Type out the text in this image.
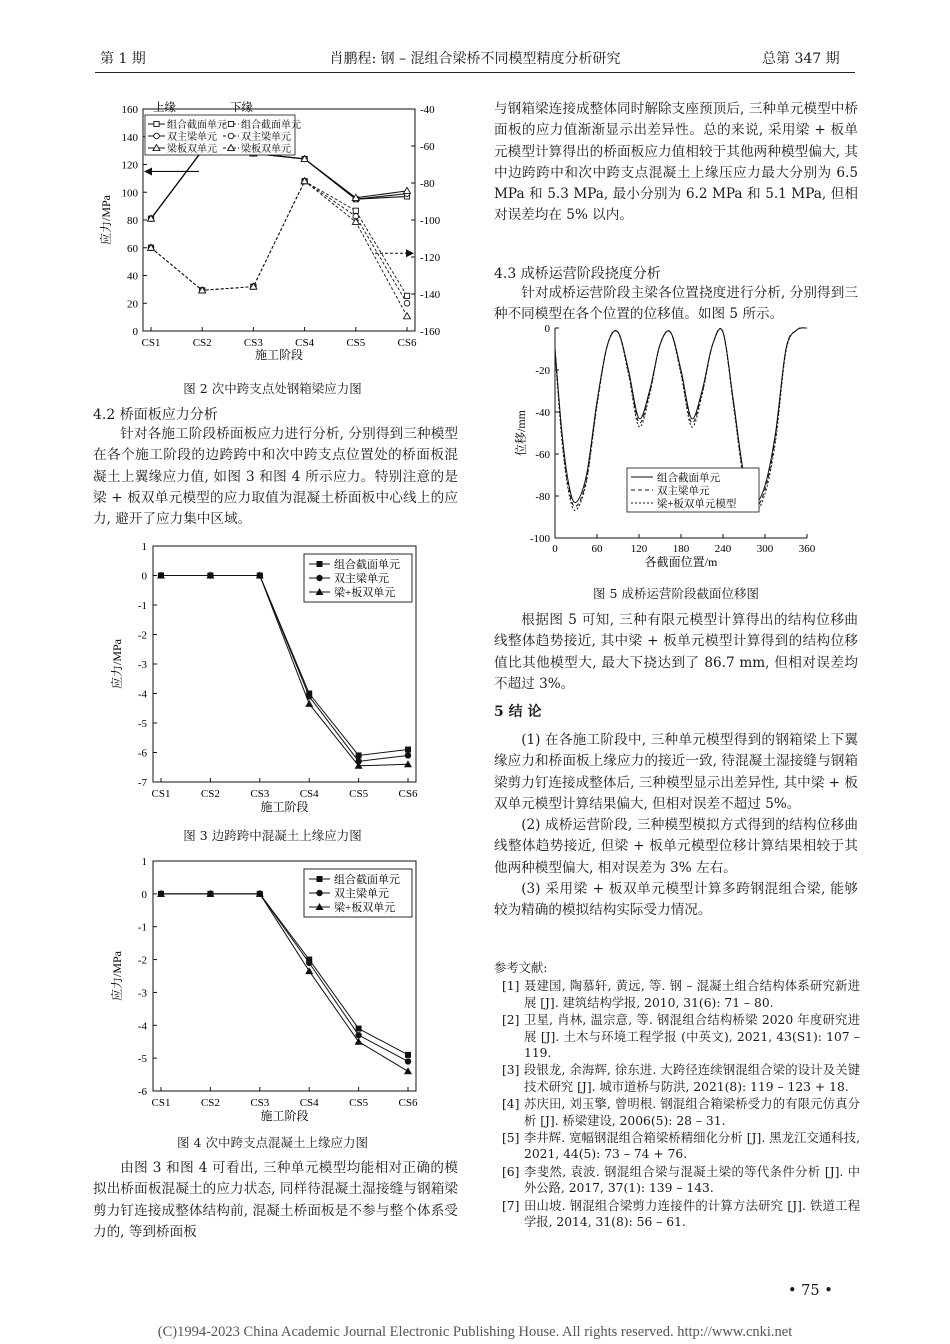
第 1 期	肖鹏程: 钢 – 混组合梁桥不同模型精度分析研究	总第 347 期
0
20
40
60
80
100
120
140
160
-160
-140
-120
-100
-80
-60
-40
CS1	CS2	CS3	CS4	CS5	CS6
施工阶段
应力/MPa
上缘	下缘
组合截面单元
双主梁单元
梁板双单元
组合截面单元
双主梁单元
梁板双单元
图 2 次中跨支点处钢箱梁应力图
4.2 桥面板应力分析

针对各施工阶段桥面板应力进行分析, 分别得到三种模型在各个施工阶段的边跨跨中和次中跨支点位置处的桥面板混凝土上翼缘应力值, 如图 3 和图 4 所示应力。特别注意的是梁 + 板双单元模型的应力取值为混凝土桥面板中心线上的应力, 避开了应力集中区域。

-7
-6
-5
-4
-3
-2
-1
0
1
CS1	CS2	CS3	CS4	CS5	CS6
施工阶段
应力/MPa
组合截面单元
双主梁单元
梁+板双单元
图 3 边跨跨中混凝土上缘应力图
-6
-5
-4
-3
-2
-1
0
1
CS1	CS2	CS3	CS4	CS5	CS6
施工阶段
应力/MPa
组合截面单元
双主梁单元
梁+板双单元
图 4 次中跨支点混凝土上缘应力图

由图 3 和图 4 可看出, 三种单元模型均能相对正确的模拟出桥面板混凝土的应力状态, 同样待混凝土湿接缝与钢箱梁剪力钉连接成整体结构前, 混凝土桥面板是不参与整个体系受力的, 等到桥面板

与钢箱梁连接成整体同时解除支座预顶后, 三种单元模型中桥面板的应力值渐渐显示出差异性。总的来说, 采用梁 + 板单元模型计算得出的桥面板应力值相较于其他两种模型偏大, 其中边跨跨中和次中跨支点混凝土上缘压应力最大分别为 6.5 MPa 和 5.3 MPa, 最小分别为 6.2 MPa 和 5.1 MPa, 但相对误差均在 5% 以内。

4.3 成桥运营阶段挠度分析

针对成桥运营阶段主梁各位置挠度进行分析, 分别得到三种不同模型在各个位置的位移值。如图 5 所示。

-100
-80
-60
-40
-20
0
0	60	120 180 240 300 360
各截面位置/m
位移/mm
组合截面单元
双主梁单元
梁+板双单元模型
图 5 成桥运营阶段截面位移图

根据图 5 可知, 三种有限元模型计算得出的结构位移曲线整体趋势接近, 其中梁 + 板单元模型计算得到的结构位移值比其他模型大, 最大下挠达到了 86.7 mm, 但相对误差均不超过 3%。

5 结 论

(1) 在各施工阶段中, 三种单元模型得到的钢箱梁上下翼缘应力和桥面板上缘应力的接近一致, 待混凝土湿接缝与钢箱梁剪力钉连接成整体后, 三种模型显示出差异性, 其中梁 + 板双单元模型计算结果偏大, 但相对误差不超过 5%。

(2) 成桥运营阶段, 三种模型模拟方式得到的结构位移曲线整体趋势接近, 但梁 + 板单元模型位移计算结果相较于其他两种模型偏大, 相对误差为 3% 左右。

(3) 采用梁 + 板双单元模型计算多跨钢混组合梁, 能够较为精确的模拟结构实际受力情况。

参考文献:
[1] 聂建国, 陶慕轩, 黄远, 等. 钢 – 混凝土组合结构体系研究新进展 [J]. 建筑结构学报, 2010, 31(6): 71 – 80.
[2] 卫星, 肖林, 温宗意, 等. 钢混组合结构桥梁 2020 年度研究进展 [J]. 土木与环境工程学报 (中英文), 2021, 43(S1): 107 – 119.
[3] 段银龙, 余海辉, 徐东进. 大跨径连续钢混组合梁的设计及关键技术研究 [J]. 城市道桥与防洪, 2021(8): 119 – 123 + 18.
[4] 苏庆田, 刘玉擎, 曾明根. 钢混组合箱梁桥受力的有限元仿真分析 [J]. 桥梁建设, 2006(5): 28 – 31.
[5] 李井辉. 宽幅钢混组合箱梁桥精细化分析 [J]. 黑龙江交通科技, 2021, 44(5): 73 – 74 + 76.
[6] 李斐然, 袁波. 钢混组合梁与混凝土梁的等代条件分析 [J]. 中外公路, 2017, 37(1): 139 – 143.
[7] 田山坡. 钢混组合梁剪力连接件的计算方法研究 [J]. 铁道工程学报, 2014, 31(8): 56 – 61.
• 75 •
(C)1994-2023 China Academic Journal Electronic Publishing House. All rights reserved. http://www.cnki.net
